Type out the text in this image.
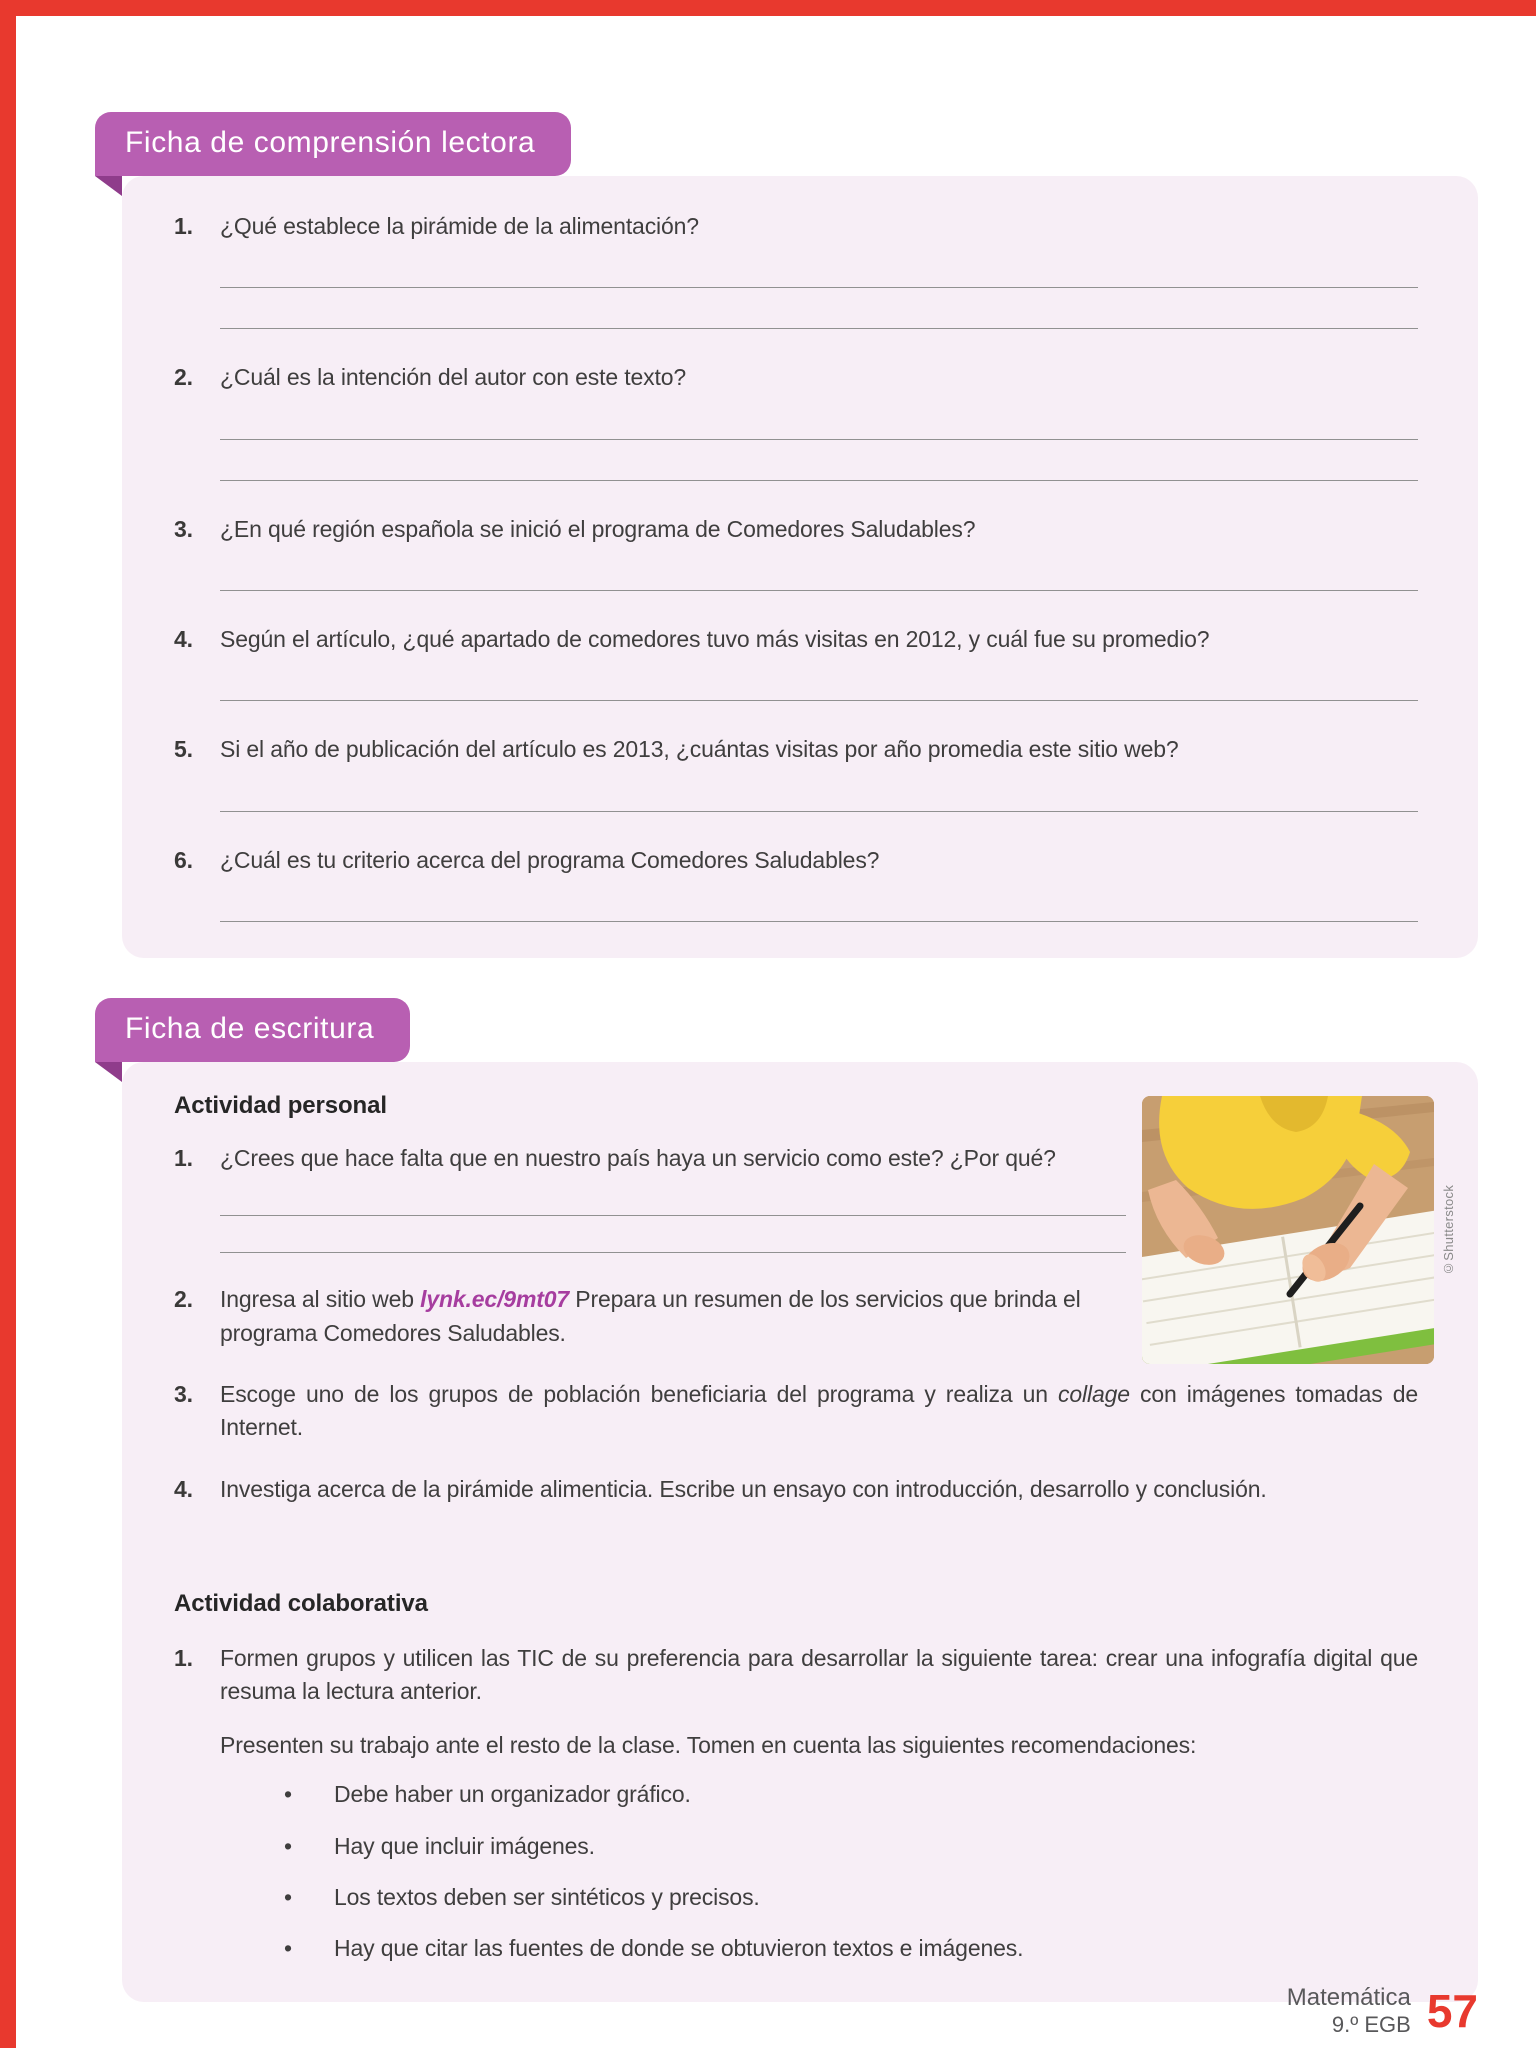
Ficha de comprensión lectora
1.	¿Qué establece la pirámide de la alimentación?
2.	¿Cuál es la intención del autor con este texto?
3.	¿En qué región española se inició el programa de Comedores Saludables?
4.	Según el artículo, ¿qué apartado de comedores tuvo más visitas en 2012, y cuál fue su promedio?
5.	Si el año de publicación del artículo es 2013, ¿cuántas visitas por año promedia este sitio web?
6.	¿Cuál es tu criterio acerca del programa Comedores Saludables?
Ficha de escritura
©Shutterstock
Actividad personal
1.	¿Crees que hace falta que en nuestro país haya un servicio como este? ¿Por qué?
2.	Ingresa al sitio web lynk.ec/9mt07 Prepara un resumen de los servicios que brinda el programa Comedores Saludables.
3.	Escoge uno de los grupos de población beneficiaria del programa y realiza un collage con imágenes tomadas de Internet.
4.	Investiga acerca de la pirámide alimenticia. Escribe un ensayo con introducción, desarrollo y conclusión.
Actividad colaborativa
1.	Formen grupos y utilicen las TIC de su preferencia para desarrollar la siguiente tarea: crear una infografía digital que resuma la lectura anterior.
Presenten su trabajo ante el resto de la clase. Tomen en cuenta las siguientes recomendaciones:
•	Debe haber un organizador gráfico.
•	Hay que incluir imágenes.
•	Los textos deben ser sintéticos y precisos.
•	Hay que citar las fuentes de donde se obtuvieron textos e imágenes.
Matemática
9.º EGB 57
